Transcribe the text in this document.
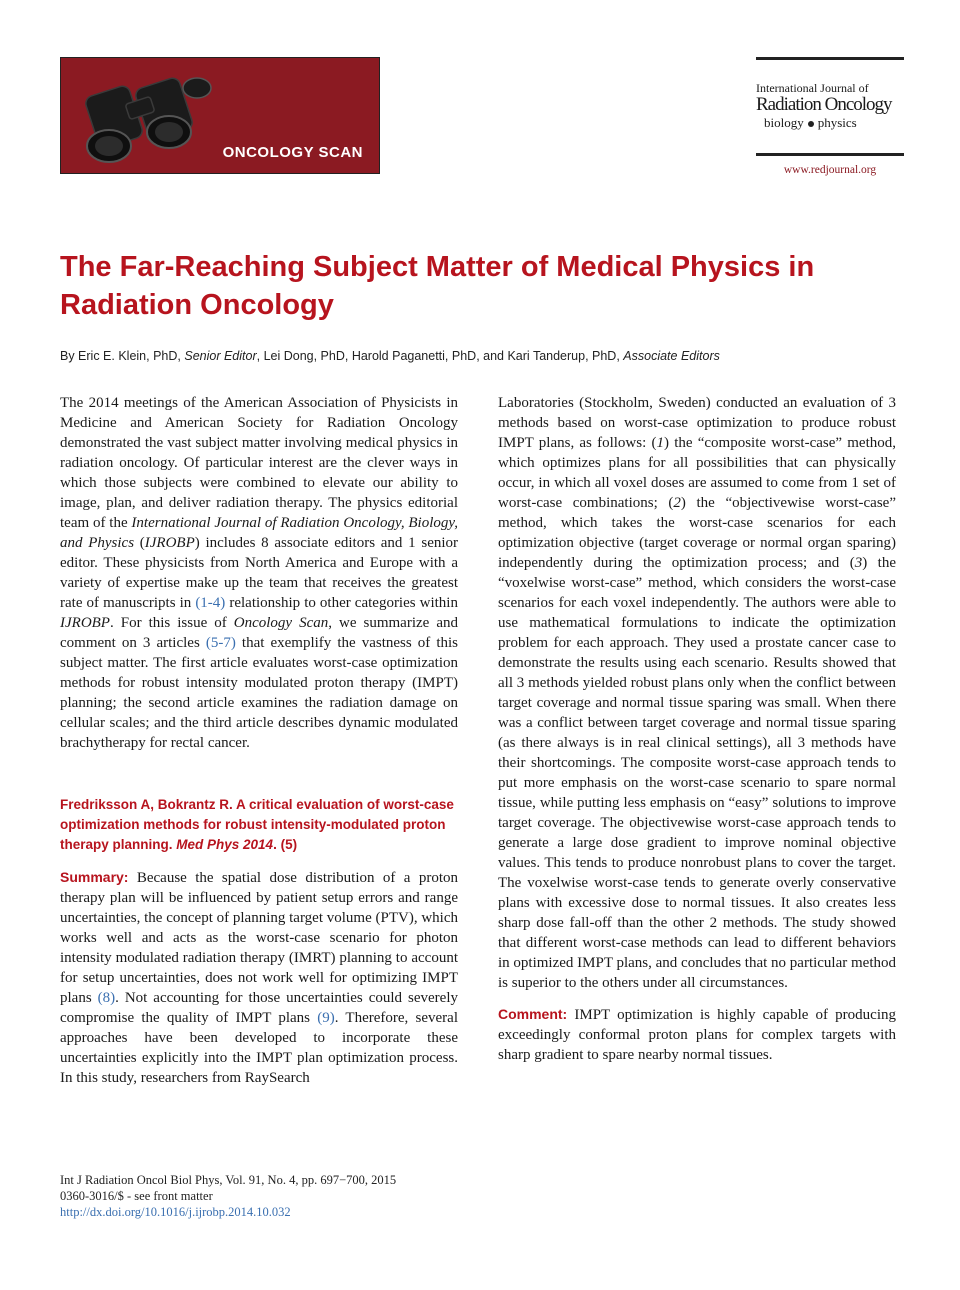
ONCOLOGY SCAN
International Journal of
Radiation Oncology
biology physics
www.redjournal.org
The Far-Reaching Subject Matter of Medical Physics in Radiation Oncology
By Eric E. Klein, PhD, Senior Editor, Lei Dong, PhD, Harold Paganetti, PhD, and Kari Tanderup, PhD, Associate Editors

The 2014 meetings of the American Association of Physicists in Medicine and American Society for Radiation Oncology demonstrated the vast subject matter involving medical physics in radiation oncology. Of particular interest are the clever ways in which those subjects were combined to elevate our ability to image, plan, and deliver radiation therapy. The physics editorial team of the International Journal of Radiation Oncology, Biology, and Physics (IJROBP) includes 8 associate editors and 1 senior editor. These physicists from North America and Europe with a variety of expertise make up the team that receives the greatest rate of manuscripts in (1-4) relationship to other categories within IJROBP. For this issue of Oncology Scan, we summarize and comment on 3 articles (5-7) that exemplify the vastness of this subject matter. The first article evaluates worst-case optimization methods for robust intensity modulated proton therapy (IMPT) planning; the second article examines the radiation damage on cellular scales; and the third article describes dynamic modulated brachytherapy for rectal cancer.

Fredriksson A, Bokrantz R. A critical evaluation of worst-case optimization methods for robust intensity-modulated proton therapy planning. Med Phys 2014. (5)

Summary: Because the spatial dose distribution of a proton therapy plan will be influenced by patient setup errors and range uncertainties, the concept of planning target volume (PTV), which works well and acts as the worst-case scenario for photon intensity modulated radiation therapy (IMRT) planning to account for setup uncertainties, does not work well for optimizing IMPT plans (8). Not accounting for those uncertainties could severely compromise the quality of IMPT plans (9). Therefore, several approaches have been developed to incorporate these uncertainties explicitly into the IMPT plan optimization process. In this study, researchers from RaySearch

Laboratories (Stockholm, Sweden) conducted an evaluation of 3 methods based on worst-case optimization to produce robust IMPT plans, as follows: (1) the “composite worst-case” method, which optimizes plans for all possibilities that can physically occur, in which all voxel doses are assumed to come from 1 set of worst-case combinations; (2) the “objectivewise worst-case” method, which takes the worst-case scenarios for each optimization objective (target coverage or normal organ sparing) independently during the optimization process; and (3) the “voxelwise worst-case” method, which considers the worst-case scenarios for each voxel independently. The authors were able to use mathematical formulations to indicate the optimization problem for each approach. They used a prostate cancer case to demonstrate the results using each scenario. Results showed that all 3 methods yielded robust plans only when the conflict between target coverage and normal tissue sparing was small. When there was a conflict between target coverage and normal tissue sparing (as there always is in real clinical settings), all 3 methods have their shortcomings. The composite worst-case approach tends to put more emphasis on the worst-case scenario to spare normal tissue, while putting less emphasis on “easy” solutions to improve target coverage. The objectivewise worst-case approach tends to generate a large dose gradient to improve nominal objective values. This tends to produce nonrobust plans to cover the target. The voxelwise worst-case tends to generate overly conservative plans with excessive dose to normal tissues. It also creates less sharp dose fall-off than the other 2 methods. The study showed that different worst-case methods can lead to different behaviors in optimized IMPT plans, and concludes that no particular method is superior to the others under all circumstances.

Comment: IMPT optimization is highly capable of producing exceedingly conformal proton plans for complex targets with sharp gradient to spare nearby normal tissues.

Int J Radiation Oncol Biol Phys, Vol. 91, No. 4, pp. 697−700, 2015
0360-3016/$ - see front matter
http://dx.doi.org/10.1016/j.ijrobp.2014.10.032
